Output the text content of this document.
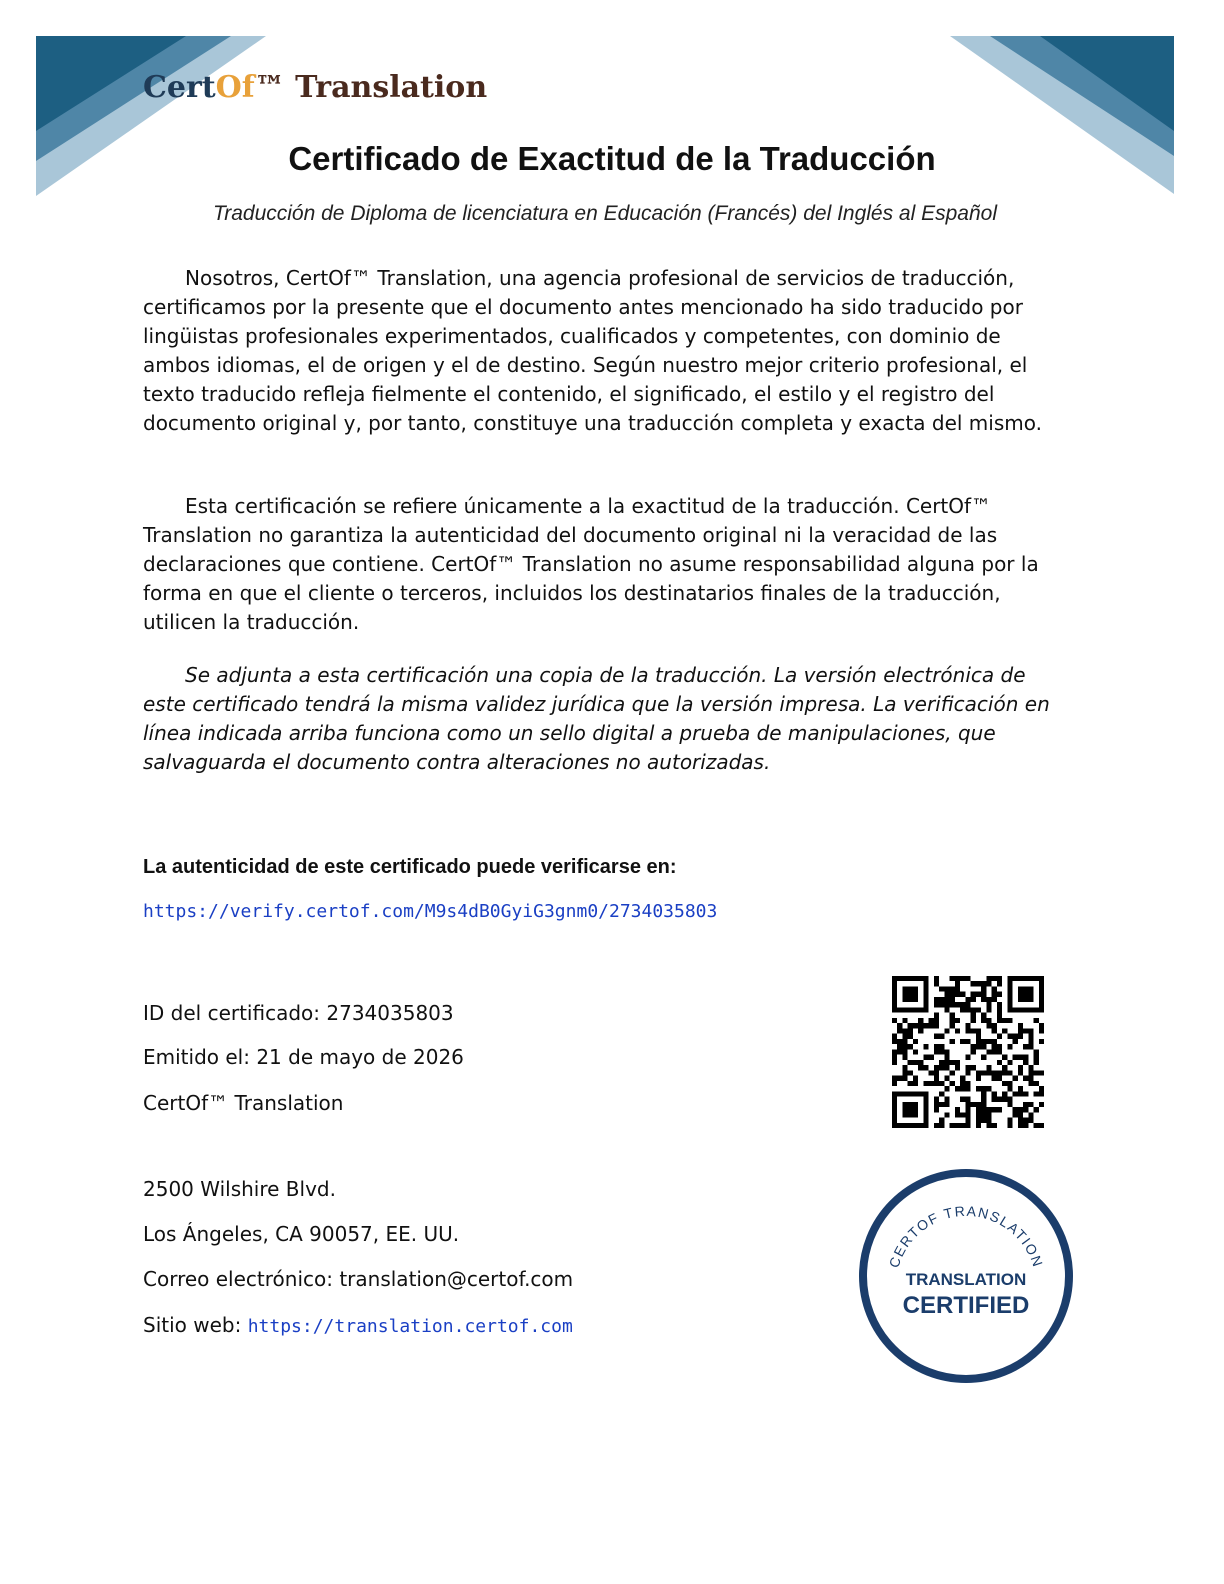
CertOf™ Translation
Certificado de Exactitud de la Traducción
Traducción de Diploma de licenciatura en Educación (Francés) del Inglés al Español

Nosotros, CertOf™ Translation, una agencia profesional de servicios de traducción, certificamos por la presente que el documento antes mencionado ha sido traducido por lingüistas profesionales experimentados, cualificados y competentes, con dominio de ambos idiomas, el de origen y el de destino. Según nuestro mejor criterio profesional, el texto traducido refleja fielmente el contenido, el significado, el estilo y el registro del documento original y, por tanto, constituye una traducción completa y exacta del mismo.

Esta certificación se refiere únicamente a la exactitud de la traducción. CertOf™ Translation no garantiza la autenticidad del documento original ni la veracidad de las declaraciones que contiene. CertOf™ Translation no asume responsabilidad alguna por la forma en que el cliente o terceros, incluidos los destinatarios finales de la traducción, utilicen la traducción.

Se adjunta a esta certificación una copia de la traducción. La versión electrónica de este certificado tendrá la misma validez jurídica que la versión impresa. La verificación en línea indicada arriba funciona como un sello digital a prueba de manipulaciones, que salvaguarda el documento contra alteraciones no autorizadas.

La autenticidad de este certificado puede verificarse en:
https://verify.certof.com/M9s4dB0GyiG3gnm0/2734035803
ID del certificado: 2734035803
Emitido el: 21 de mayo de 2026
CertOf™ Translation
2500 Wilshire Blvd.
Los Ángeles, CA 90057, EE. UU.
Correo electrónico: translation@certof.com
Sitio web: https://translation.certof.com
CERTOF TRANSLATION
TRANSLATION
CERTIFIED
